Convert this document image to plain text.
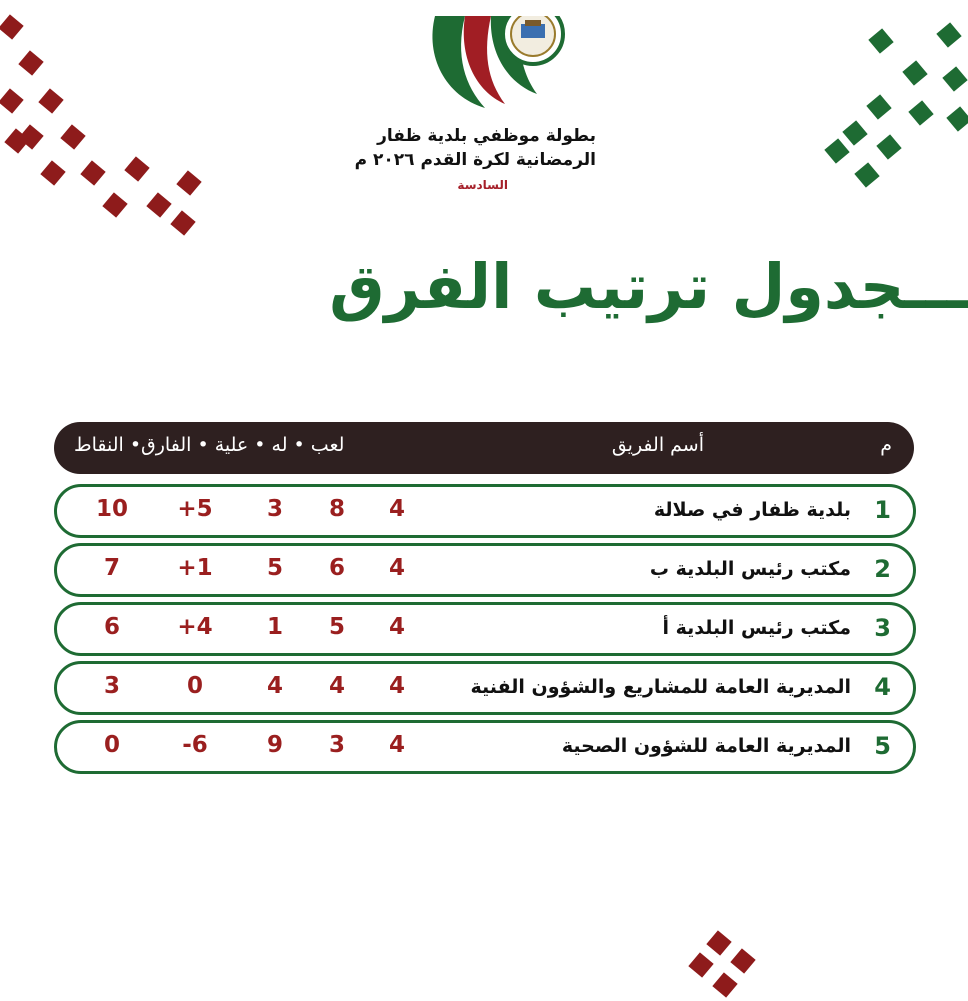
بطولة موظفي بلدية ظفار
الرمضانية لكرة القدم ٢٠٢٦ م
السادسة
ـــجدول ترتيب الفرق
م
أسم الفريق
لعب • له • علية • الفارق• النقاط
1
بلدية ظفار في صلالة
4
8
3
+5
10
2
مكتب رئيس البلدية ب
4
6
5
+1
7
3
مكتب رئيس البلدية أ
4
5
1
+4
6
4
المديرية العامة للمشاريع والشؤون الفنية
4
4
4
0
3
5
المديرية العامة للشؤون الصحية
4
3
9
-6
0
